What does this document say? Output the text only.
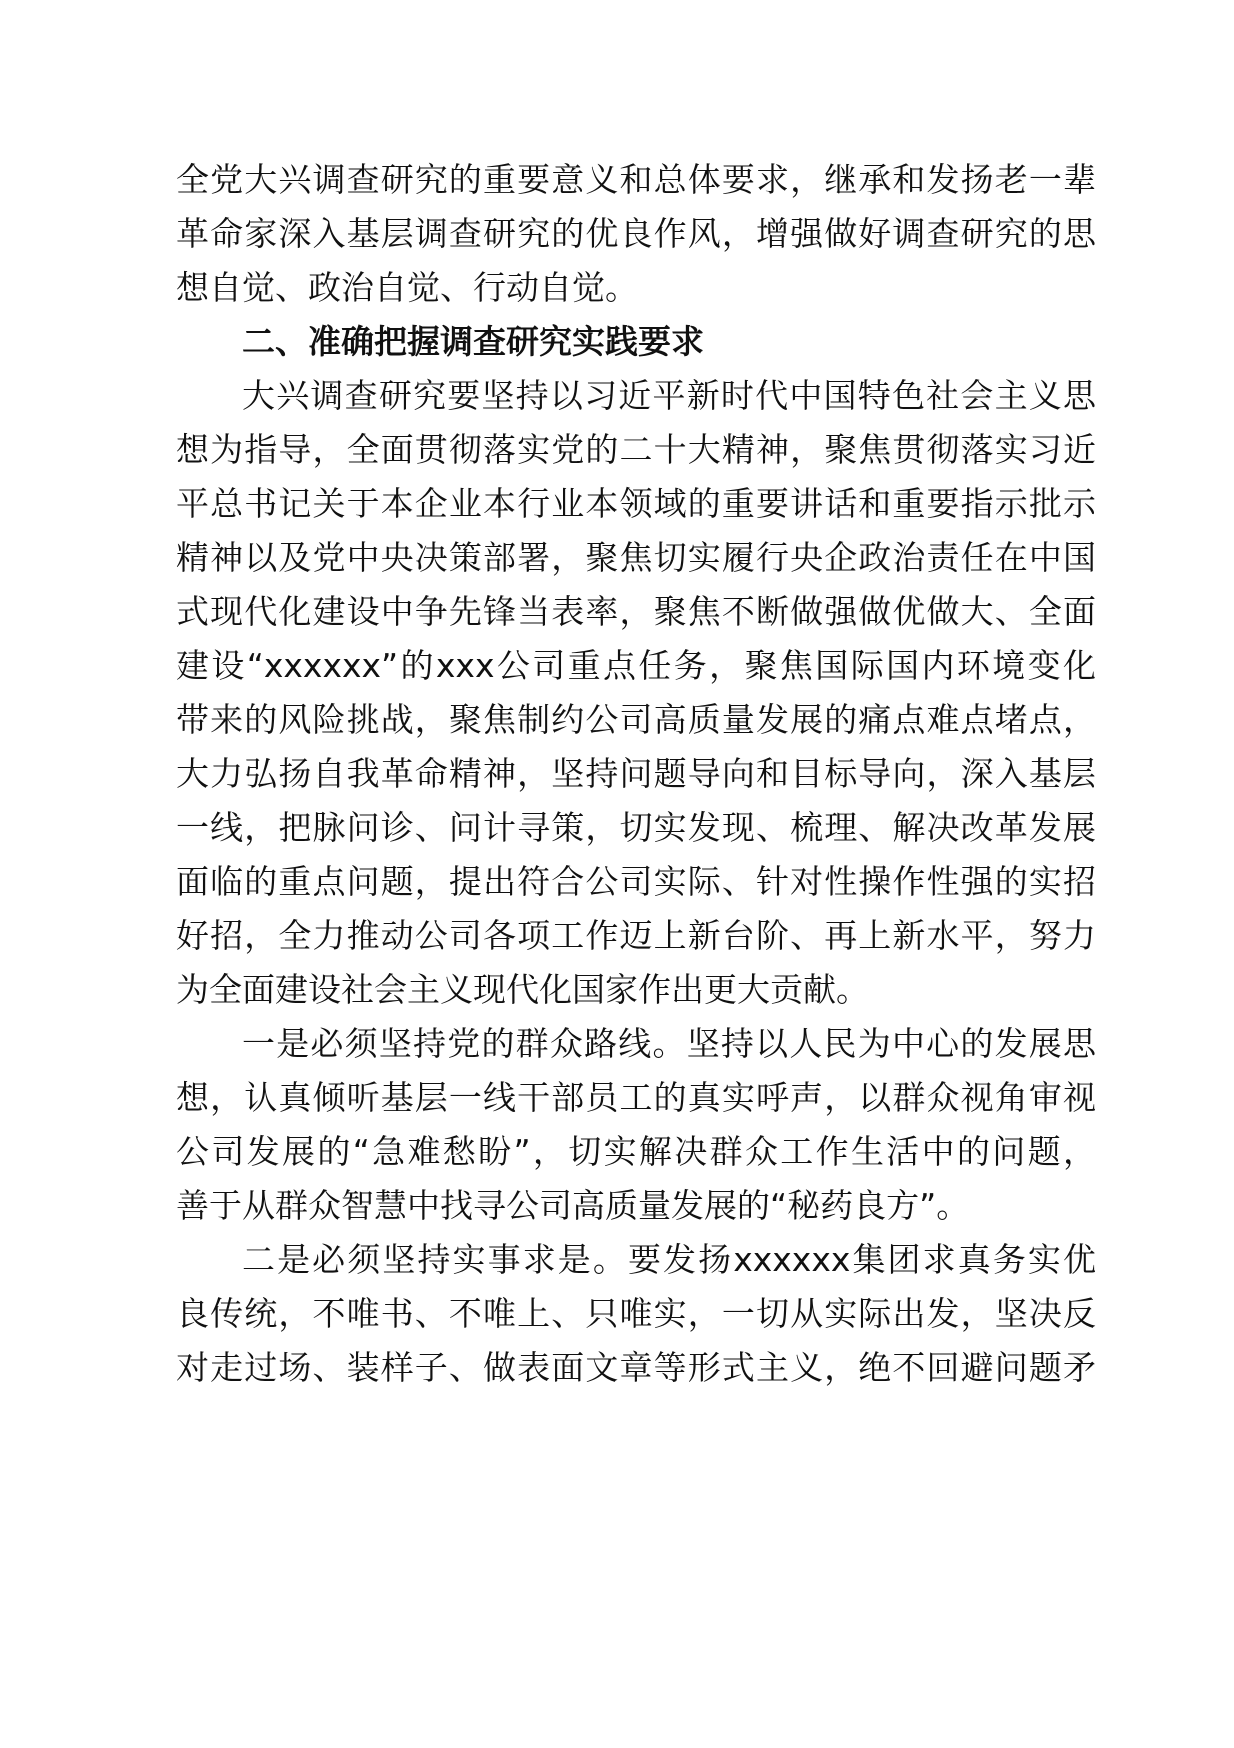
全党大兴调查研究的重要意义和总体要求，继承和发扬老一辈
革命家深入基层调查研究的优良作风，增强做好调查研究的思
想自觉、政治自觉、行动自觉。
二、准确把握调查研究实践要求
大兴调查研究要坚持以习近平新时代中国特色社会主义思
想为指导，全面贯彻落实党的二十大精神，聚焦贯彻落实习近
平总书记关于本企业本行业本领域的重要讲话和重要指示批示
精神以及党中央决策部署，聚焦切实履行央企政治责任在中国
式现代化建设中争先锋当表率，聚焦不断做强做优做大、全面
建设“xxxxxx”的xxx公司重点任务，聚焦国际国内环境变化
带来的风险挑战，聚焦制约公司高质量发展的痛点难点堵点，
大力弘扬自我革命精神，坚持问题导向和目标导向，深入基层
一线，把脉问诊、问计寻策，切实发现、梳理、解决改革发展
面临的重点问题，提出符合公司实际、针对性操作性强的实招
好招，全力推动公司各项工作迈上新台阶、再上新水平，努力
为全面建设社会主义现代化国家作出更大贡献。
一是必须坚持党的群众路线。坚持以人民为中心的发展思
想，认真倾听基层一线干部员工的真实呼声，以群众视角审视
公司发展的“急难愁盼”，切实解决群众工作生活中的问题，
善于从群众智慧中找寻公司高质量发展的“秘药良方”。
二是必须坚持实事求是。要发扬xxxxxx集团求真务实优
良传统，不唯书、不唯上、只唯实，一切从实际出发，坚决反
对走过场、装样子、做表面文章等形式主义，绝不回避问题矛
